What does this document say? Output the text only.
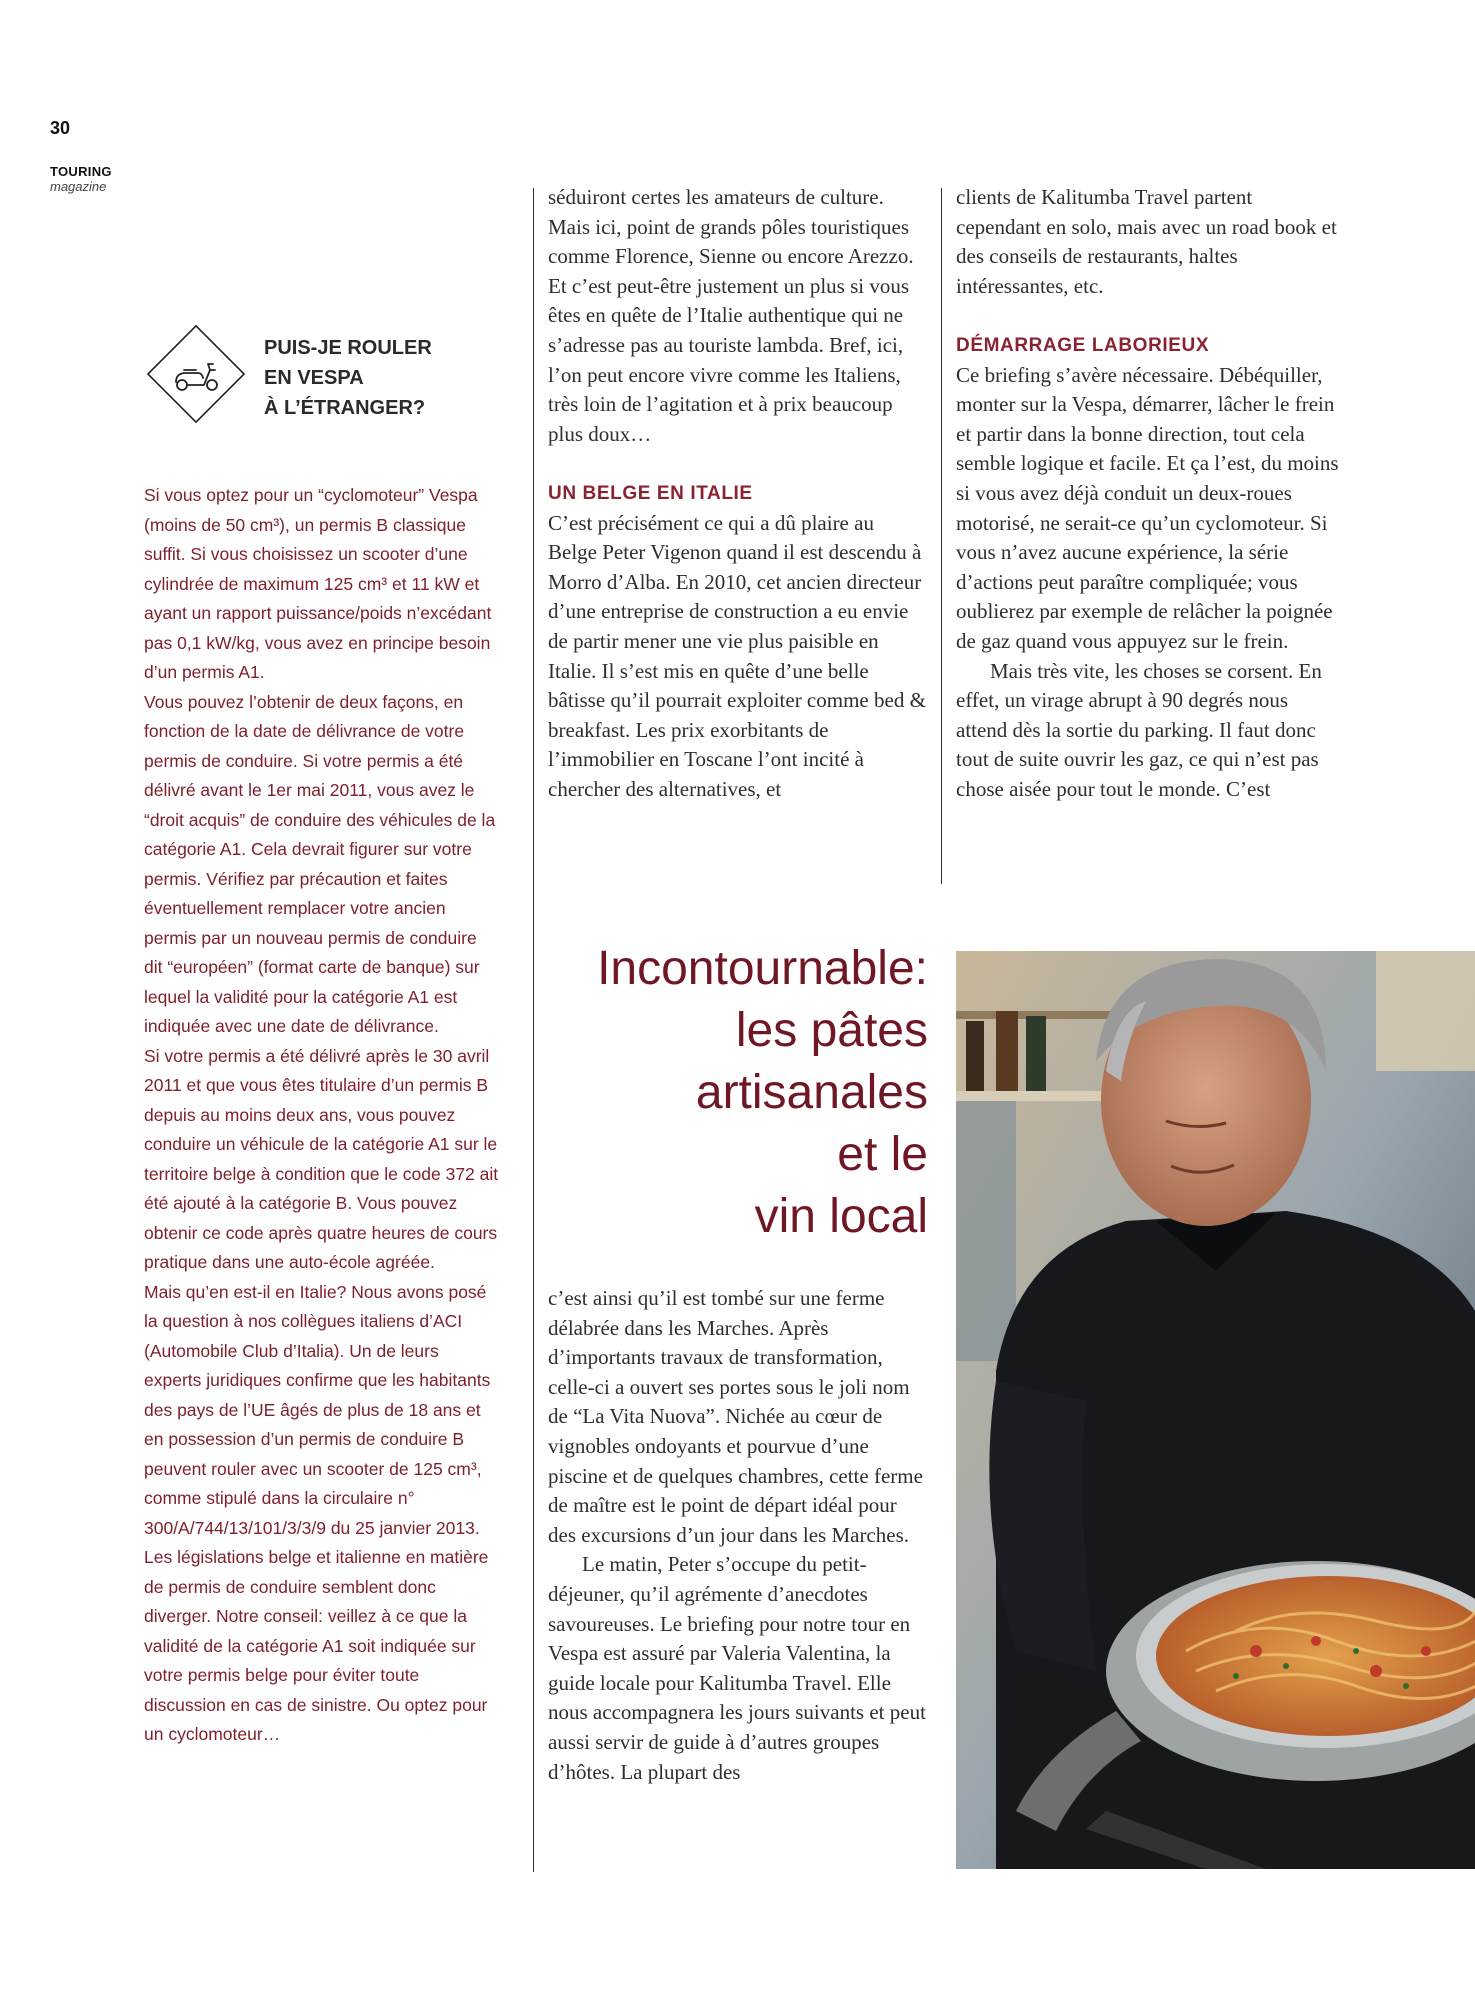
30
TOURING
magazine
PUIS-JE ROULER
EN VESPA
À L’ÉTRANGER?

Si vous optez pour un “cyclomoteur” Vespa (moins de 50 cm³), un permis B classique suffit. Si vous choisissez un scooter d’une cylindrée de maximum 125 cm³ et 11 kW et ayant un rapport puissance/poids n’excédant pas 0,1 kW/kg, vous avez en principe besoin d’un permis A1.

Vous pouvez l’obtenir de deux façons, en fonction de la date de délivrance de votre permis de conduire. Si votre permis a été délivré avant le 1er mai 2011, vous avez le “droit acquis” de conduire des véhicules de la catégorie A1. Cela devrait figurer sur votre permis. Vérifiez par précaution et faites éventuellement remplacer votre ancien permis par un nouveau permis de conduire dit “européen” (format carte de banque) sur lequel la validité pour la catégorie A1 est indiquée avec une date de délivrance.

Si votre permis a été délivré après le 30 avril 2011 et que vous êtes titulaire d’un permis B depuis au moins deux ans, vous pouvez conduire un véhicule de la catégorie A1 sur le territoire belge à condition que le code 372 ait été ajouté à la catégorie B. Vous pouvez obtenir ce code après quatre heures de cours pratique dans une auto-école agréée.

Mais qu’en est-il en Italie? Nous avons posé la question à nos collègues italiens d’ACI (Automobile Club d’Italia). Un de leurs experts juridiques confirme que les habitants des pays de l’UE âgés de plus de 18 ans et en possession d’un permis de conduire B peuvent rouler avec un scooter de 125 cm³, comme stipulé dans la circulaire n° 300/A/744/13/101/3/3/9 du 25 janvier 2013.

Les législations belge et italienne en matière de permis de conduire semblent donc diverger. Notre conseil: veillez à ce que la validité de la catégorie A1 soit indiquée sur votre permis belge pour éviter toute discussion en cas de sinistre. Ou optez pour un cyclomoteur…

séduiront certes les amateurs de culture. Mais ici, point de grands pôles touristiques comme Florence, Sienne ou encore Arezzo. Et c’est peut-être justement un plus si vous êtes en quête de l’Italie authentique qui ne s’adresse pas au touriste lambda. Bref, ici, l’on peut encore vivre comme les Italiens, très loin de l’agitation et à prix beaucoup plus doux…

UN BELGE EN ITALIE

C’est précisément ce qui a dû plaire au Belge Peter Vigenon quand il est descendu à Morro d’Alba. En 2010, cet ancien directeur d’une entreprise de construction a eu envie de partir mener une vie plus paisible en Italie. Il s’est mis en quête d’une belle bâtisse qu’il pourrait exploiter comme bed & breakfast. Les prix exorbitants de l’immobilier en Toscane l’ont incité à chercher des alternatives, et

Incontournable:
les pâtes
artisanales
et le
vin local

c’est ainsi qu’il est tombé sur une ferme délabrée dans les Marches. Après d’importants travaux de transformation, celle-ci a ouvert ses portes sous le joli nom de “La Vita Nuova”. Nichée au cœur de vignobles ondoyants et pourvue d’une piscine et de quelques chambres, cette ferme de maître est le point de départ idéal pour des excursions d’un jour dans les Marches.

Le matin, Peter s’occupe du petit-déjeuner, qu’il agrémente d’anecdotes savoureuses. Le briefing pour notre tour en Vespa est assuré par Valeria Valentina, la guide locale pour Kalitumba Travel. Elle nous accompagnera les jours suivants et peut aussi servir de guide à d’autres groupes d’hôtes. La plupart des

clients de Kalitumba Travel partent cependant en solo, mais avec un road book et des conseils de restaurants, haltes intéressantes, etc.

DÉMARRAGE LABORIEUX

Ce briefing s’avère nécessaire. Débéquiller, monter sur la Vespa, démarrer, lâcher le frein et partir dans la bonne direction, tout cela semble logique et facile. Et ça l’est, du moins si vous avez déjà conduit un deux-roues motorisé, ne serait-ce qu’un cyclomoteur. Si vous n’avez aucune expérience, la série d’actions peut paraître compliquée; vous oublierez par exemple de relâcher la poignée de gaz quand vous appuyez sur le frein.

Mais très vite, les choses se corsent. En effet, un virage abrupt à 90 degrés nous attend dès la sortie du parking. Il faut donc tout de suite ouvrir les gaz, ce qui n’est pas chose aisée pour tout le monde. C’est
